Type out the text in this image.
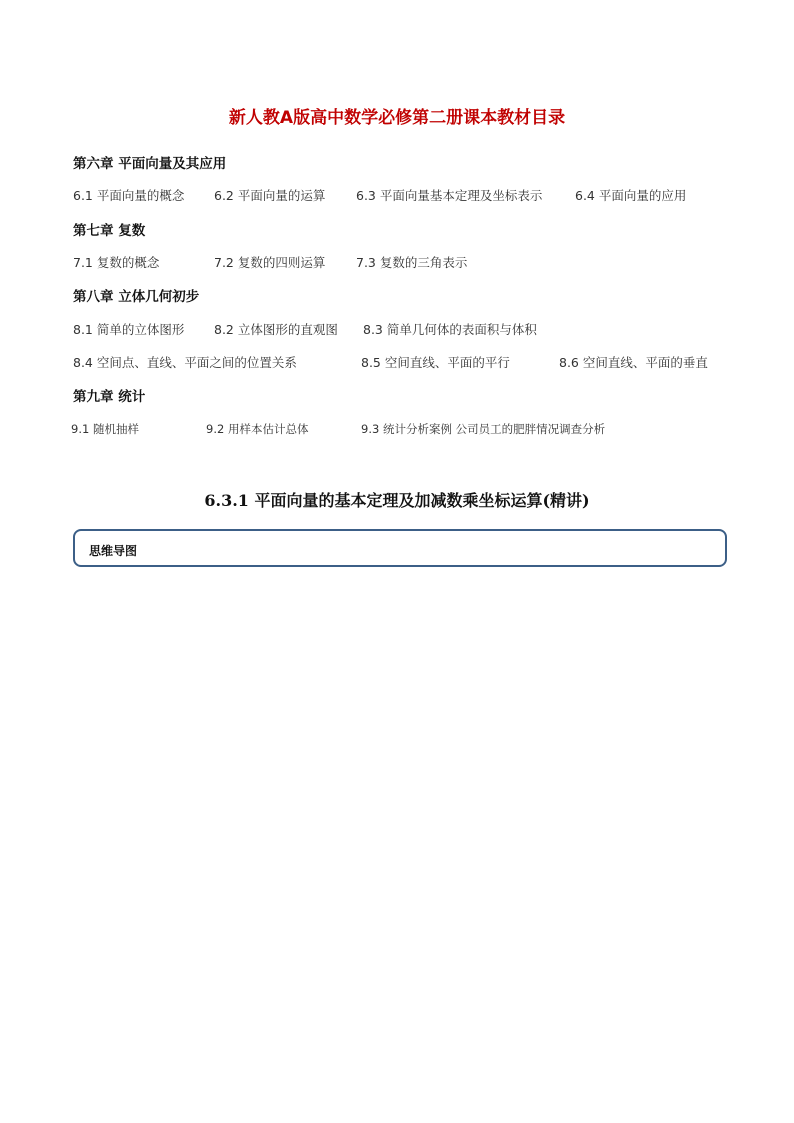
新人教A版高中数学必修第二册课本教材目录
第六章 平面向量及其应用
6.1 平面向量的概念 6.2 平面向量的运算 6.3 平面向量基本定理及坐标表示	6.4 平面向量的应用
第七章 复数
7.1 复数的概念	7.2 复数的四则运算 7.3 复数的三角表示
第八章 立体几何初步
8.1 简单的立体图形 8.2 立体图形的直观图 8.3 简单几何体的表面积与体积
8.4 空间点、直线、平面之间的位置关系	8.5 空间直线、平面的平行	8.6 空间直线、平面的垂直
第九章 统计
9.1 随机抽样	9.2 用样本估计总体	9.3 统计分析案例 公司员工的肥胖情况调查分析
6.3.1 平面向量的基本定理及加减数乘坐标运算(精讲)
思维导图
